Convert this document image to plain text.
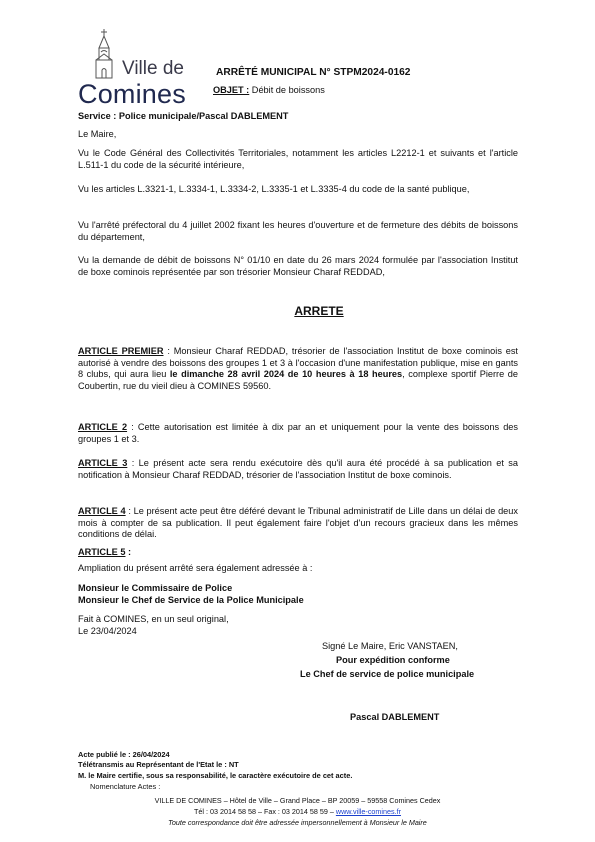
Ville de
Comines
ARRÊTÉ MUNICIPAL N° STPM2024-0162
OBJET : Débit de boissons
Service : Police municipale/Pascal DABLEMENT
Le Maire,
Vu le Code Général des Collectivités Territoriales, notamment les articles L2212-1 et suivants et l'article L.511-1 du code de la sécurité intérieure,
Vu les articles L.3321-1, L.3334-1, L.3334-2, L.3335-1 et L.3335-4 du code de la santé publique,
Vu l'arrêté préfectoral du 4 juillet 2002 fixant les heures d'ouverture et de fermeture des débits de boissons du département,
Vu la demande de débit de boissons N° 01/10 en date du 26 mars 2024 formulée par l'association Institut de boxe cominois représentée par son trésorier Monsieur Charaf REDDAD,
ARRETE
ARTICLE PREMIER : Monsieur Charaf REDDAD, trésorier de l'association Institut de boxe cominois est autorisé à vendre des boissons des groupes 1 et 3 à l'occasion d'une manifestation publique, mise en gants 8 clubs, qui aura lieu le dimanche 28 avril 2024 de 10 heures à 18 heures, complexe sportif Pierre de Coubertin, rue du vieil dieu à COMINES 59560.
ARTICLE 2 : Cette autorisation est limitée à dix par an et uniquement pour la vente des boissons des groupes 1 et 3.
ARTICLE 3 : Le présent acte sera rendu exécutoire dès qu'il aura été procédé à sa publication et sa notification à Monsieur Charaf REDDAD, trésorier de l'association Institut de boxe cominois.
ARTICLE 4 : Le présent acte peut être déféré devant le Tribunal administratif de Lille dans un délai de deux mois à compter de sa publication. Il peut également faire l'objet d'un recours gracieux dans les mêmes conditions de délai.
ARTICLE 5 :
Ampliation du présent arrêté sera également adressée à :
Monsieur le Commissaire de Police
Monsieur le Chef de Service de la Police Municipale
Fait à COMINES, en un seul original,
Le 23/04/2024
Signé Le Maire, Eric VANSTAEN,
Pour expédition conforme
Le Chef de service de police municipale
Pascal DABLEMENT
Acte publié le : 26/04/2024
Télétransmis au Représentant de l'Etat le : NT
M. le Maire certifie, sous sa responsabilité, le caractère exécutoire de cet acte.
Nomenclature Actes :
VILLE DE COMINES – Hôtel de Ville – Grand Place – BP 20059 – 59558 Comines Cedex
Tél : 03 2014 58 58 – Fax : 03 2014 58 59 – www.ville-comines.fr
Toute correspondance doit être adressée impersonnellement à Monsieur le Maire
